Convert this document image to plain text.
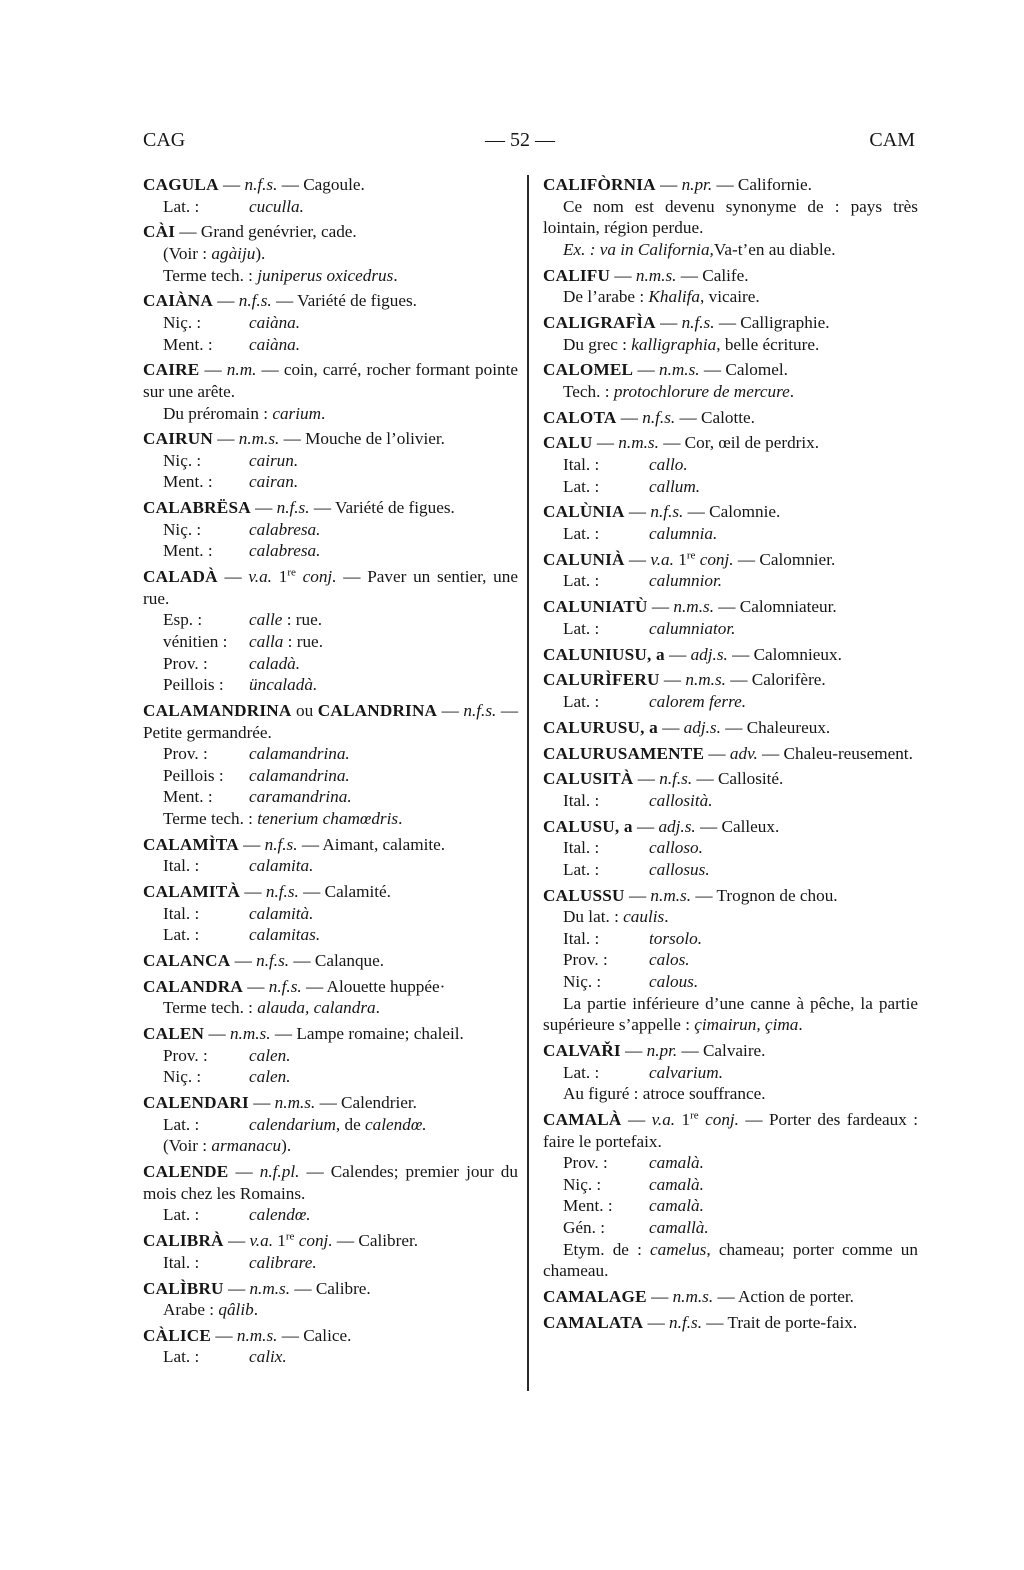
CAG	— 52 —	CAM
CAGULA — n.f.s. — Cagoule.
Lat. :	cuculla.
CÀI — Grand genévrier, cade.
(Voir : agàiju).
Terme tech. : juniperus oxicedrus.
CAIÀNA — n.f.s. — Variété de figues.
Niç. :	caiàna.
Ment. : caiàna.
CAIRE — n.m. — coin, carré, rocher formant pointe sur une arête.
Du préromain : carium.
CAIRUN — n.m.s. — Mouche de l’olivier.
Niç. :	cairun.
Ment. : cairan.
CALABRËSA — n.f.s. — Variété de figues.
Niç. :	calabresa.
Ment. : calabresa.
CALADÀ — v.a. 1re conj. — Paver un sentier, une rue.
Esp. :	calle : rue.
vénitien : calla : rue.
Prov. : caladà.
Peillois : üncaladà.
CALAMANDRINA ou CALANDRINA — n.f.s. — Petite germandrée.
Prov. : calamandrina.
Peillois : calamandrina.
Ment. : caramandrina.
Terme tech. : tenerium chamœdris.
CALAMÌTA — n.f.s. — Aimant, calamite.
Ital. :	calamita.
CALAMITÀ — n.f.s. — Calamité.
Ital. :	calamità.
Lat. :	calamitas.
CALANCA — n.f.s. — Calanque.
CALANDRA — n.f.s. — Alouette huppée·
Terme tech. : alauda, calandra.
CALEN — n.m.s. — Lampe romaine; chaleil.
Prov. : calen.
Niç. :	calen.
CALENDARI — n.m.s. — Calendrier.
Lat. :	calendarium, de calendœ.
(Voir : armanacu).
CALENDE — n.f.pl. — Calendes; premier jour du mois chez les Romains.
Lat. :	calendœ.
CALIBRÀ — v.a. 1re conj. — Calibrer.
Ital. :	calibrare.
CALÌBRU — n.m.s. — Calibre.
Arabe : qâlib.
CÀLICE — n.m.s. — Calice.
Lat. :	calix.
CALIFÒRNIA — n.pr. — Californie.
Ce nom est devenu synonyme de : pays très lointain, région perdue.
Ex. : va in California,Va-t’en au diable.
CALIFU — n.m.s. — Calife.
De l’arabe : Khalifa, vicaire.
CALIGRAFÌA — n.f.s. — Calligraphie.
Du grec : kalligraphia, belle écriture.
CALOMEL — n.m.s. — Calomel.
Tech. : protochlorure de mercure.
CALOTA — n.f.s. — Calotte.
CALU — n.m.s. — Cor, œil de perdrix.
Ital. :	callo.
Lat. :	callum.
CALÙNIA — n.f.s. — Calomnie.
Lat. :	calumnia.
CALUNIÀ — v.a. 1re conj. — Calomnier.
Lat. :	calumnior.
CALUNIATÙ — n.m.s. — Calomniateur.
Lat. :	calumniator.
CALUNIUSU, a — adj.s. — Calomnieux.
CALURÌFERU — n.m.s. — Calorifère.
Lat. :	calorem ferre.
CALURUSU, a — adj.s. — Chaleureux.
CALURUSAMENTE — adv. — Chaleu-reusement.
CALUSITÀ — n.f.s. — Callosité.
Ital. :	callosità.
CALUSU, a — adj.s. — Calleux.
Ital. :	calloso.
Lat. :	callosus.
CALUSSU — n.m.s. — Trognon de chou.
Du lat. : caulis.
Ital. :	torsolo.
Prov. : calos.
Niç. :	calous.
La partie inférieure d’une canne à pêche, la partie supérieure s’appelle : çimairun, çima.
CALVAŘI — n.pr. — Calvaire.
Lat. :	calvarium.
Au figuré : atroce souffrance.
CAMALÀ — v.a. 1re conj. — Porter des fardeaux : faire le portefaix.
Prov. : camalà.
Niç. :	camalà.
Ment. : camalà.
Gén. :	camallà.
Etym. de : camelus, chameau; porter comme un chameau.
CAMALAGE — n.m.s. — Action de porter.
CAMALATA — n.f.s. — Trait de porte-faix.
